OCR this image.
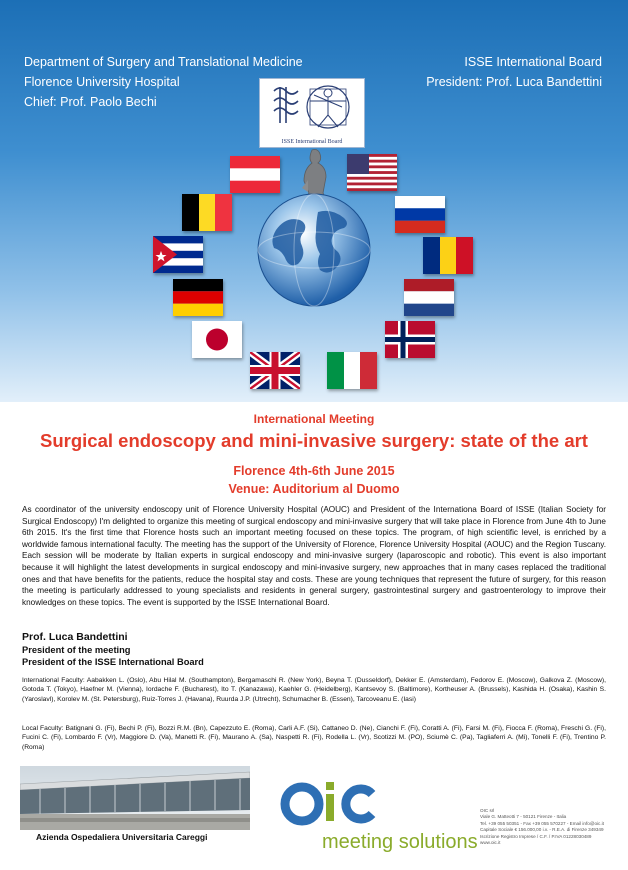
Department of Surgery and Translational Medicine
Florence University Hospital
Chief: Prof. Paolo Bechi
ISSE International Board
President: Prof. Luca Bandettini
ISSE International Board
International Meeting
Surgical endoscopy and mini-invasive surgery: state of the art
Florence 4th-6th June 2015
Venue: Auditorium al Duomo
As coordinator of the university endoscopy unit of Florence University Hospital (AOUC) and President of the Internationa Board of ISSE (Italian Society for Surgical Endoscopy) I'm delighted to organize this meeting of surgical endoscopy and mini-invasive surgery that will take place in Florence from June 4th to June 6th 2015. It's the first time that Florence hosts such an important meeting focused on these topics. The program, of high scientific level, is enriched by a worldwide famous international faculty. The meeting has the support of the University of Florence, Florence University Hospital (AOUC) and the Region Tuscany. Each session will be moderate by Italian experts in surgical endoscopy and mini-invasive surgery (laparoscopic and robotic). This event is also important because it will highlight the latest developments in surgical endoscopy and mini-invasive surgery, new approaches that in many cases replaced the traditional ones and that have benefits for the patients, reduce the hospital stay and costs. These are young techniques that represent the future of surgery, for this reason the meeting is particularly addressed to young specialists and residents in general surgery, gastrointestinal surgery and gastroenterology to improve their knowledges on these topics. The event is supported by the ISSE International Board.
Prof. Luca Bandettini
President of the meeting
President of the ISSE International Board
International Faculty: Aabakken L. (Oslo), Abu Hilal M. (Southampton), Bergamaschi R. (New York), Beyna T. (Dusseldorf), Dekker E. (Amsterdam), Fedorov E. (Moscow), Galkova Z. (Moscow), Gotoda T. (Tokyo), Haefner M. (Vienna), Iordache F. (Bucharest), Ito T. (Kanazawa), Kaehler G. (Heidelberg), Kantsevoy S. (Baltimore), Kortheuser A. (Brussels), Kashida H. (Osaka), Kashin S. (Yaroslavl), Korolev M. (St. Petersburg), Ruiz-Torres J. (Havana), Ruurda J.P. (Utrecht), Schumacher B. (Essen), Tarcoveanu E. (Iasi)
Local Faculty: Batignani G. (Fi), Bechi P. (Fi), Bozzi R.M. (Bn), Capezzuto E. (Roma), Carli A.F. (Si), Cattaneo D. (Ne), Cianchi F. (Fi), Coratti A. (Fi), Farsi M. (Fi), Fiocca F. (Roma), Freschi G. (Fi), Fucini C. (Fi), Lombardo F. (Vr), Maggiore D. (Va), Manetti R. (Fi), Maurano A. (Sa), Naspetti R. (Fi), Rodella L. (Vr), Scotizzi M. (PO), Sciumè C. (Pa), Tagliaferri A. (Mi), Tonelli F. (Fi), Trentino P. (Roma)
Azienda Ospedaliera Universitaria Careggi	meeting solutions
OIC srl
Viale G. Matteotti 7 - 50121 Firenze - Italia
Tel. +39 055 50351 - Fax +39 055 570227 - Email info@oic.it
Capitale Sociale € 156.000,00 i.v. - R.E.A. di Firenze 349349
Iscrizione Registro Imprese / C.F. / P.IVA 01228030489
www.oic.it
